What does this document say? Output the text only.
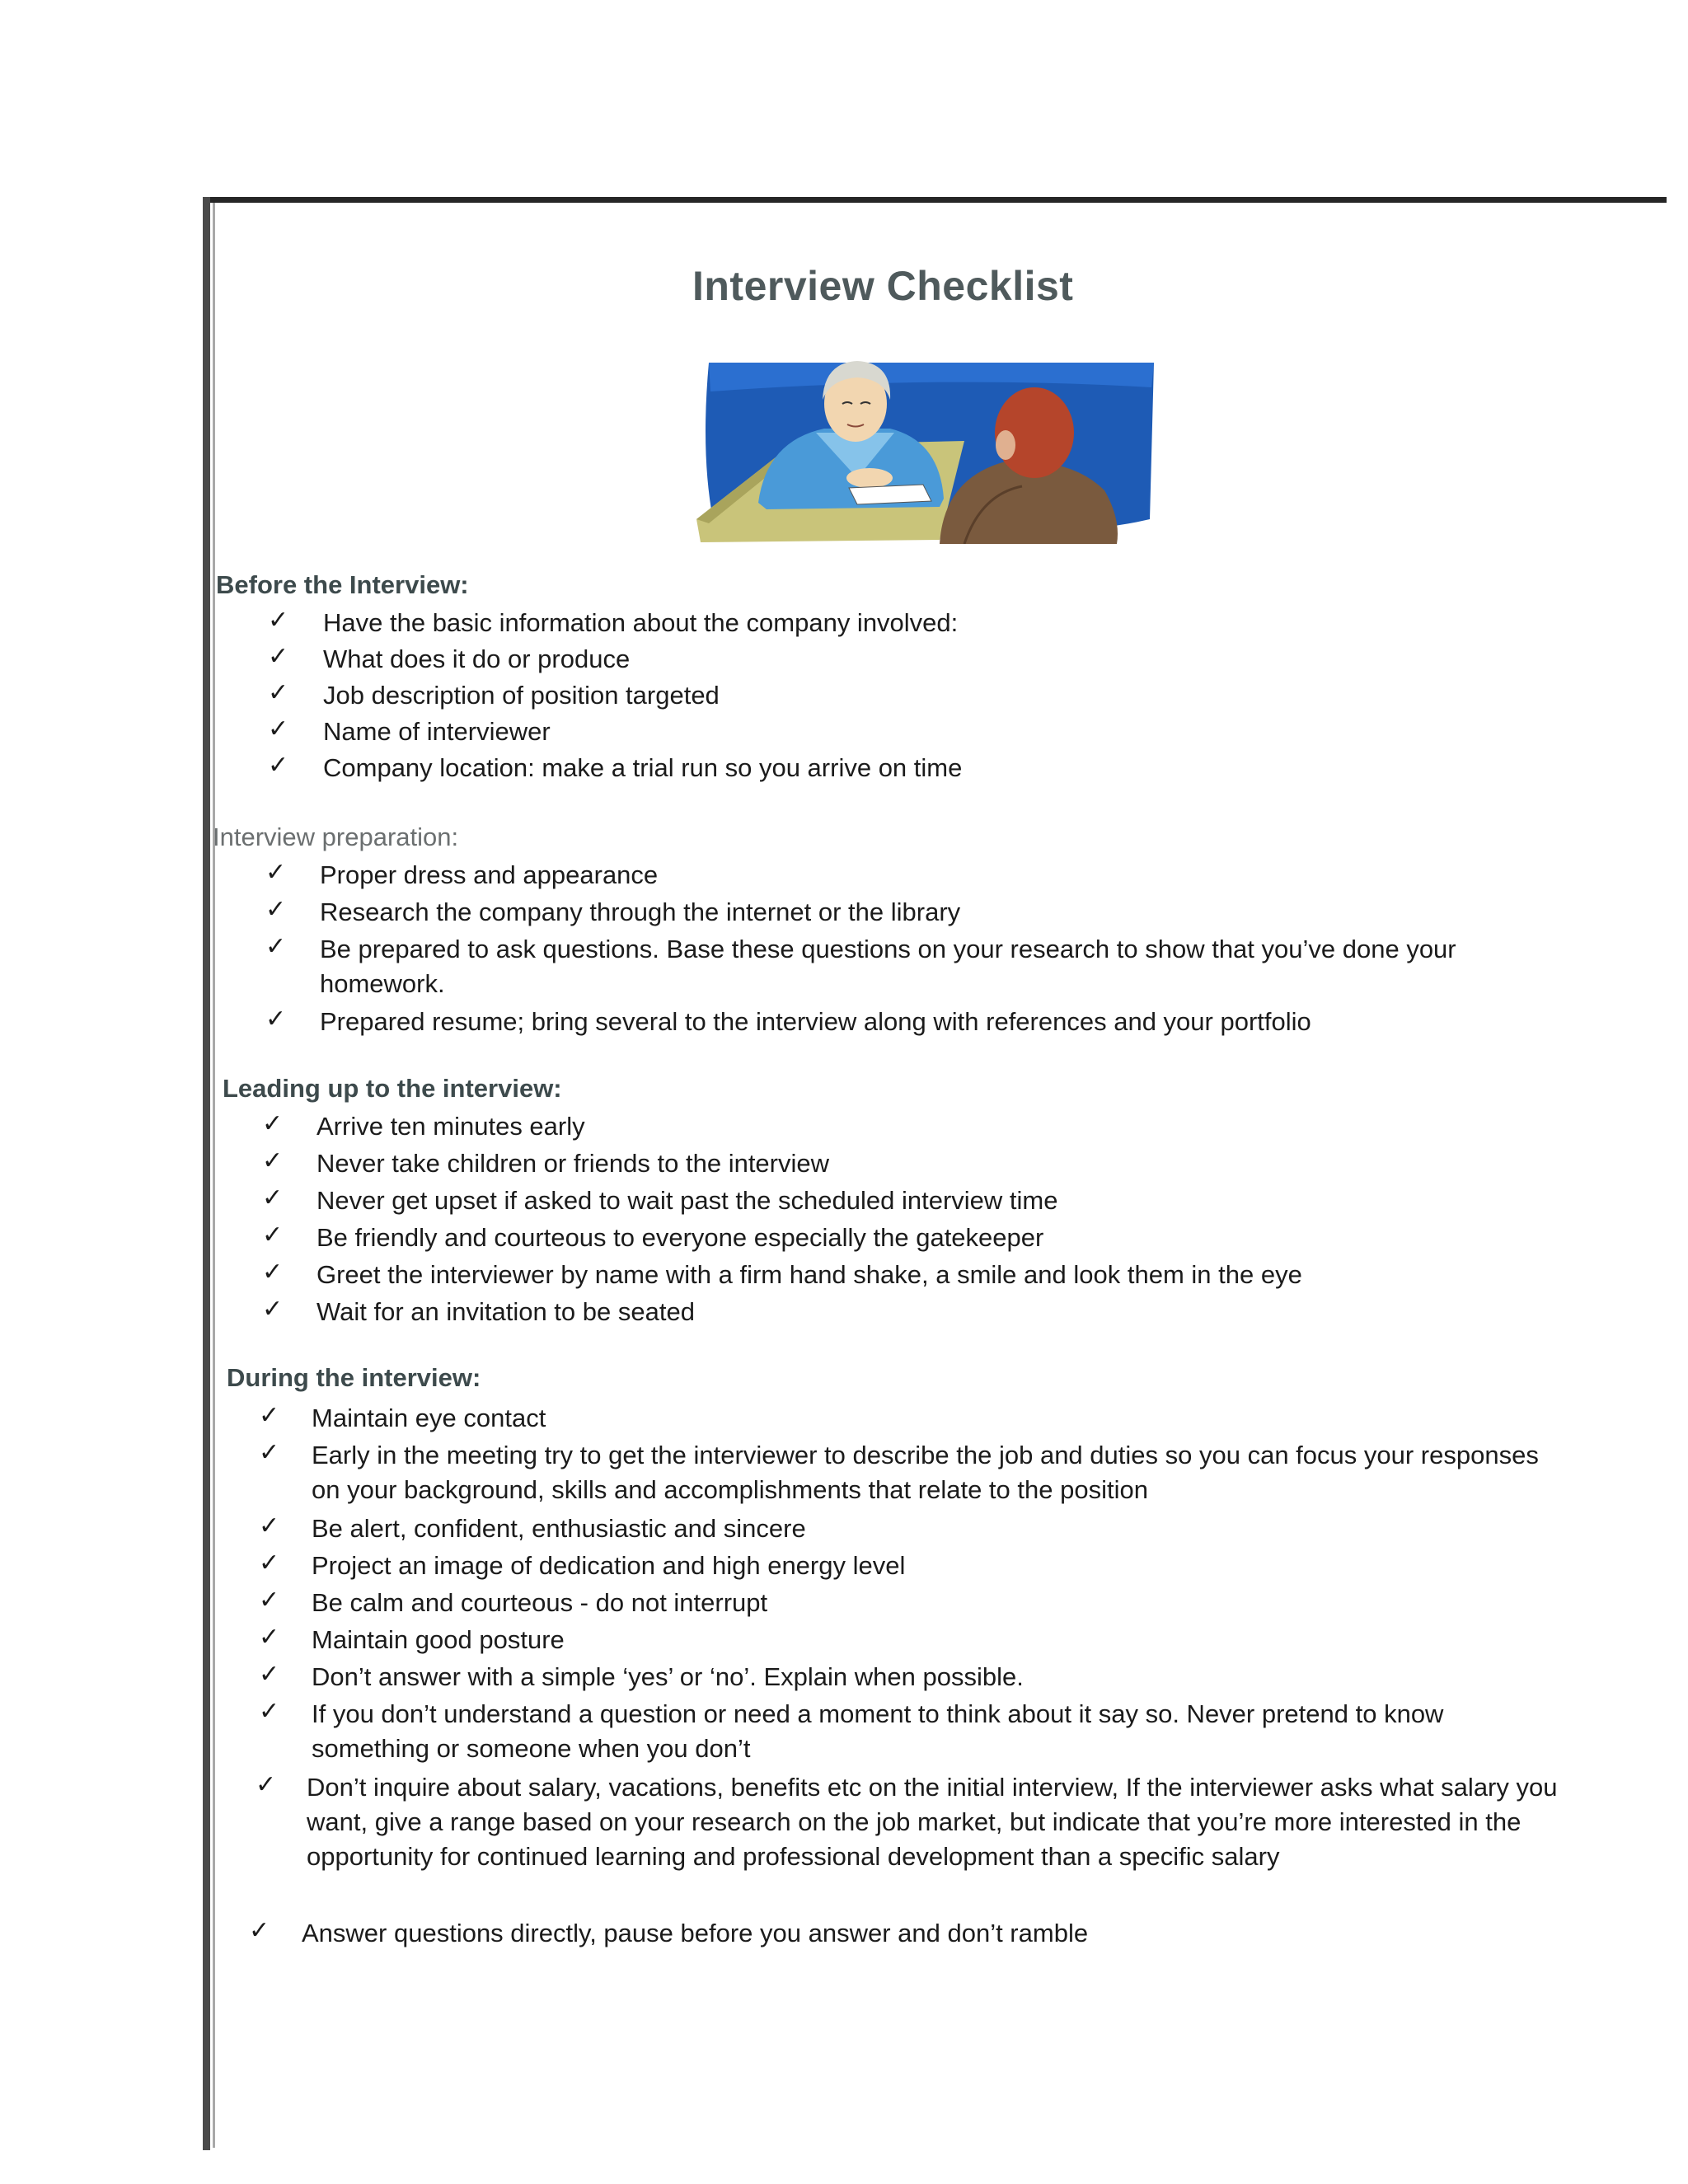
Interview Checklist
Before the Interview:
✓ Have the basic information about the company involved:
✓ What does it do or produce
✓ Job description of position targeted
✓ Name of interviewer
✓ Company location: make a trial run so you arrive on time
Interview preparation:
✓ Proper dress and appearance
✓ Research the company through the internet or the library
✓ Be prepared to ask questions. Base these questions on your research to show that you’ve done your homework.
✓ Prepared resume; bring several to the interview along with references and your portfolio
Leading up to the interview:
✓ Arrive ten minutes early
✓ Never take children or friends to the interview
✓ Never get upset if asked to wait past the scheduled interview time
✓ Be friendly and courteous to everyone especially the gatekeeper
✓ Greet the interviewer by name with a firm hand shake, a smile and look them in the eye
✓ Wait for an invitation to be seated
During the interview:
✓ Maintain eye contact
✓ Early in the meeting try to get the interviewer to describe the job and duties so you can focus your responses on your background, skills and accomplishments that relate to the position
✓ Be alert, confident, enthusiastic and sincere
✓ Project an image of dedication and high energy level
✓ Be calm and courteous - do not interrupt
✓ Maintain good posture
✓ Don’t answer with a simple ‘yes’ or ‘no’. Explain when possible.
✓ If you don’t understand a question or need a moment to think about it say so. Never pretend to know something or someone when you don’t
✓ Don’t inquire about salary, vacations, benefits etc on the initial interview, If the interviewer asks what salary you want, give a range based on your research on the job market, but indicate that you’re more interested in the opportunity for continued learning and professional development than a specific salary
✓ Answer questions directly, pause before you answer and don’t ramble
